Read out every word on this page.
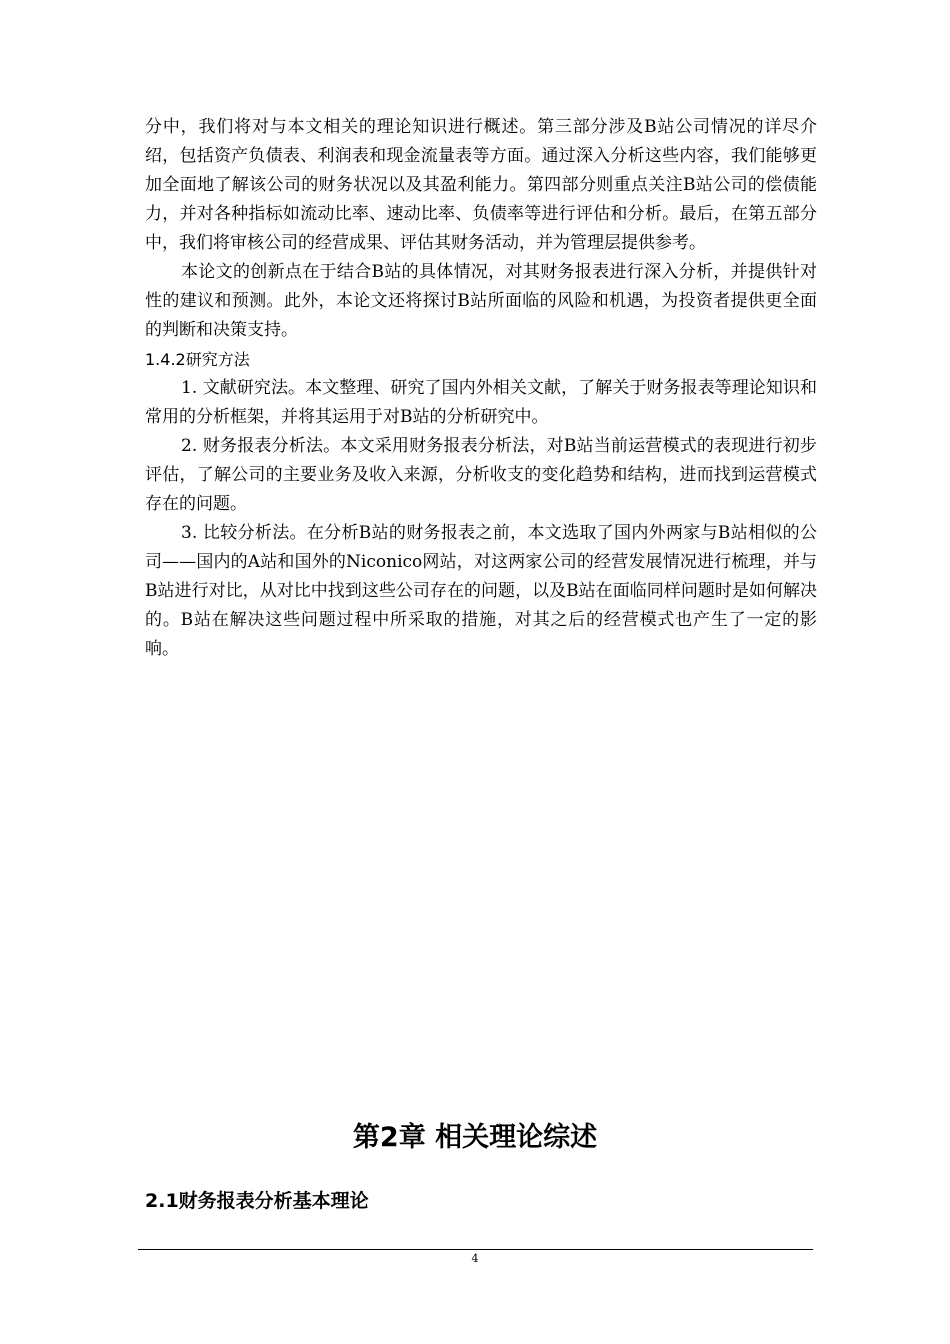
分中，我们将对与本文相关的理论知识进行概述。第三部分涉及B站公司情况的详尽介绍，包括资产负债表、利润表和现金流量表等方面。通过深入分析这些内容，我们能够更加全面地了解该公司的财务状况以及其盈利能力。第四部分则重点关注B站公司的偿债能力，并对各种指标如流动比率、速动比率、负债率等进行评估和分析。最后，在第五部分中，我们将审核公司的经营成果、评估其财务活动，并为管理层提供参考。

本论文的创新点在于结合B站的具体情况，对其财务报表进行深入分析，并提供针对性的建议和预测。此外，本论文还将探讨B站所面临的风险和机遇，为投资者提供更全面的判断和决策支持。

1.4.2研究方法

1. 文献研究法。本文整理、研究了国内外相关文献，了解关于财务报表等理论知识和常用的分析框架，并将其运用于对B站的分析研究中。

2. 财务报表分析法。本文采用财务报表分析法，对B站当前运营模式的表现进行初步评估，了解公司的主要业务及收入来源，分析收支的变化趋势和结构，进而找到运营模式存在的问题。

3. 比较分析法。在分析B站的财务报表之前，本文选取了国内外两家与B站相似的公司——国内的A站和国外的Niconico网站，对这两家公司的经营发展情况进行梳理，并与B站进行对比，从对比中找到这些公司存在的问题，以及B站在面临同样问题时是如何解决的。B站在解决这些问题过程中所采取的措施，对其之后的经营模式也产生了一定的影响。

第2章 相关理论综述
2.1财务报表分析基本理论
4
